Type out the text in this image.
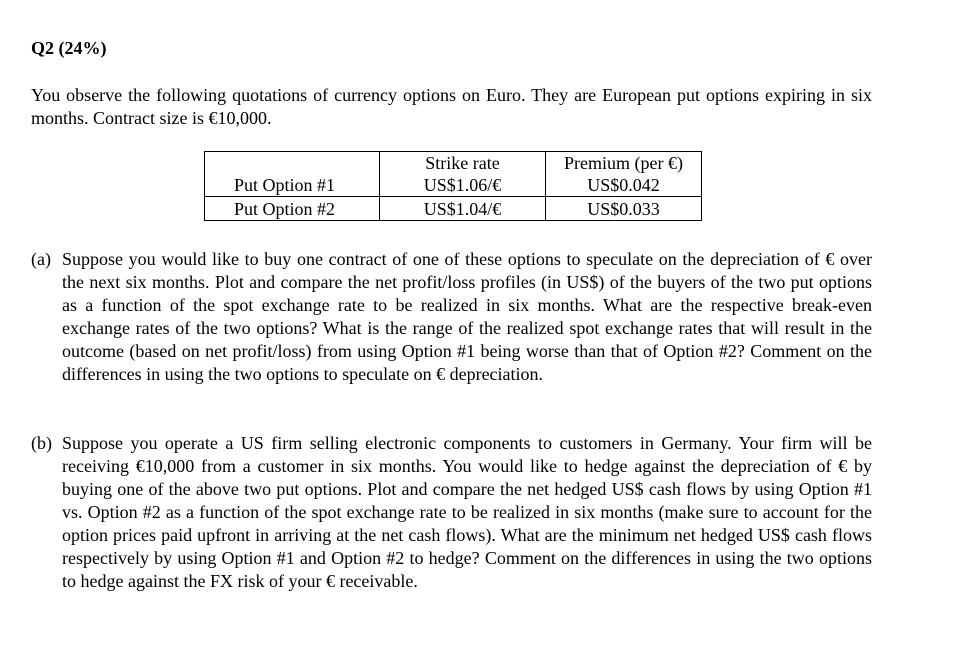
Q2 (24%)

You observe the following quotations of currency options on Euro. They are European put options expiring in six months. Contract size is €10,000.

	Strike rate	Premium (per €)
Put Option #1	US$1.06/€	US$0.042
Put Option #2	US$1.04/€	US$0.033
(a) Suppose you would like to buy one contract of one of these options to speculate on the depreciation of € over the next six months. Plot and compare the net profit/loss profiles (in US$) of the buyers of the two put options as a function of the spot exchange rate to be realized in six months. What are the respective break-even exchange rates of the two options? What is the range of the realized spot exchange rates that will result in the outcome (based on net profit/loss) from using Option #1 being worse than that of Option #2? Comment on the differences in using the two options to speculate on € depreciation.
(b) Suppose you operate a US firm selling electronic components to customers in Germany. Your firm will be receiving €10,000 from a customer in six months. You would like to hedge against the depreciation of € by buying one of the above two put options. Plot and compare the net hedged US$ cash flows by using Option #1 vs. Option #2 as a function of the spot exchange rate to be realized in six months (make sure to account for the option prices paid upfront in arriving at the net cash flows). What are the minimum net hedged US$ cash flows respectively by using Option #1 and Option #2 to hedge? Comment on the differences in using the two options to hedge against the FX risk of your € receivable.
